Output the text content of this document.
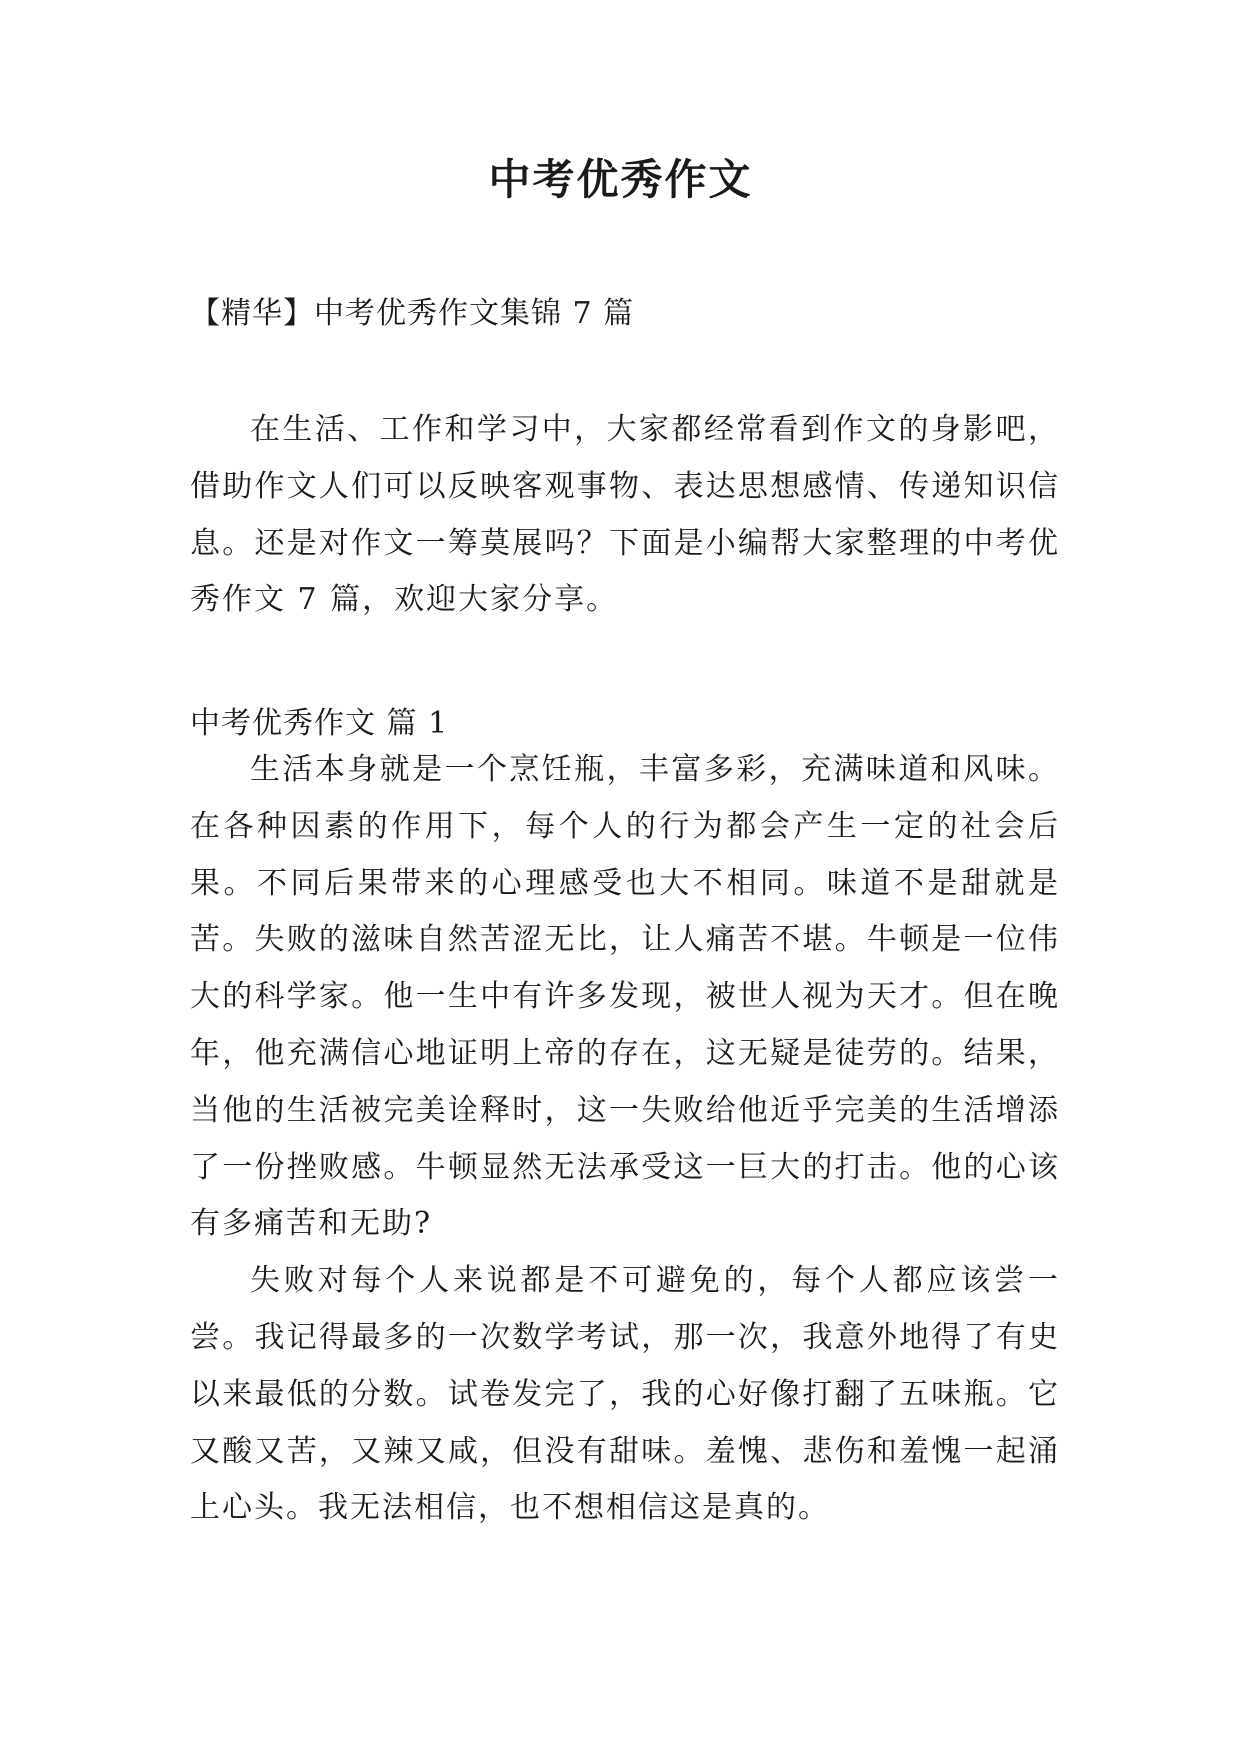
中考优秀作文
【精华】中考优秀作文集锦 7 篇

在生活、工作和学习中，大家都经常看到作文的身影吧，借助作文人们可以反映客观事物、表达思想感情、传递知识信息。还是对作文一筹莫展吗？下面是小编帮大家整理的中考优秀作文 7 篇，欢迎大家分享。

中考优秀作文 篇 1

生活本身就是一个烹饪瓶，丰富多彩，充满味道和风味。在各种因素的作用下，每个人的行为都会产生一定的社会后果。不同后果带来的心理感受也大不相同。味道不是甜就是苦。失败的滋味自然苦涩无比，让人痛苦不堪。牛顿是一位伟大的科学家。他一生中有许多发现，被世人视为天才。但在晚年，他充满信心地证明上帝的存在，这无疑是徒劳的。结果，当他的生活被完美诠释时，这一失败给他近乎完美的生活增添了一份挫败感。牛顿显然无法承受这一巨大的打击。他的心该有多痛苦和无助?

失败对每个人来说都是不可避免的，每个人都应该尝一尝。我记得最多的一次数学考试，那一次，我意外地得了有史以来最低的分数。试卷发完了，我的心好像打翻了五味瓶。它又酸又苦，又辣又咸，但没有甜味。羞愧、悲伤和羞愧一起涌上心头。我无法相信，也不想相信这是真的。
